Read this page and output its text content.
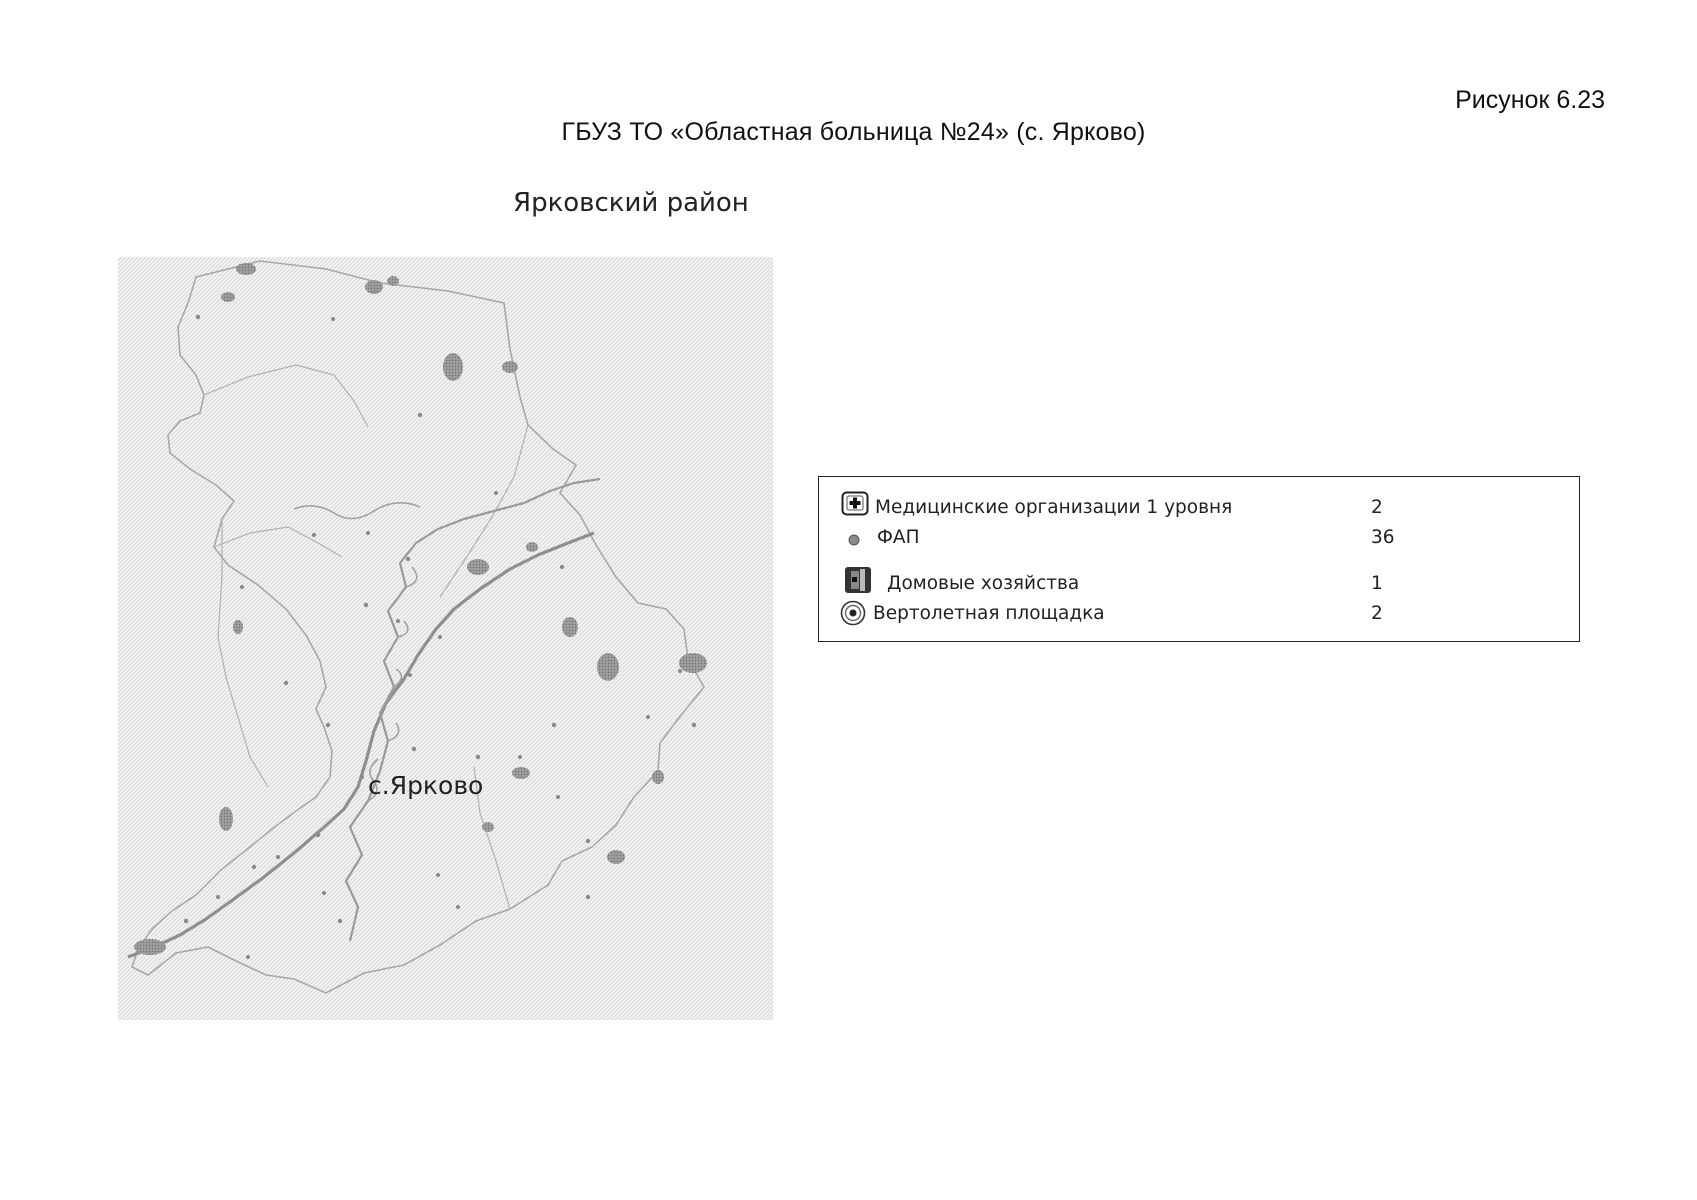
Рисунок 6.23
ГБУЗ ТО «Областная больница №24» (с. Ярково)
Ярковский район
с.Ярково
Медицинские организации 1 уровня	2
ФАП	36
Домовые хозяйства	1
Вертолетная площадка	2
